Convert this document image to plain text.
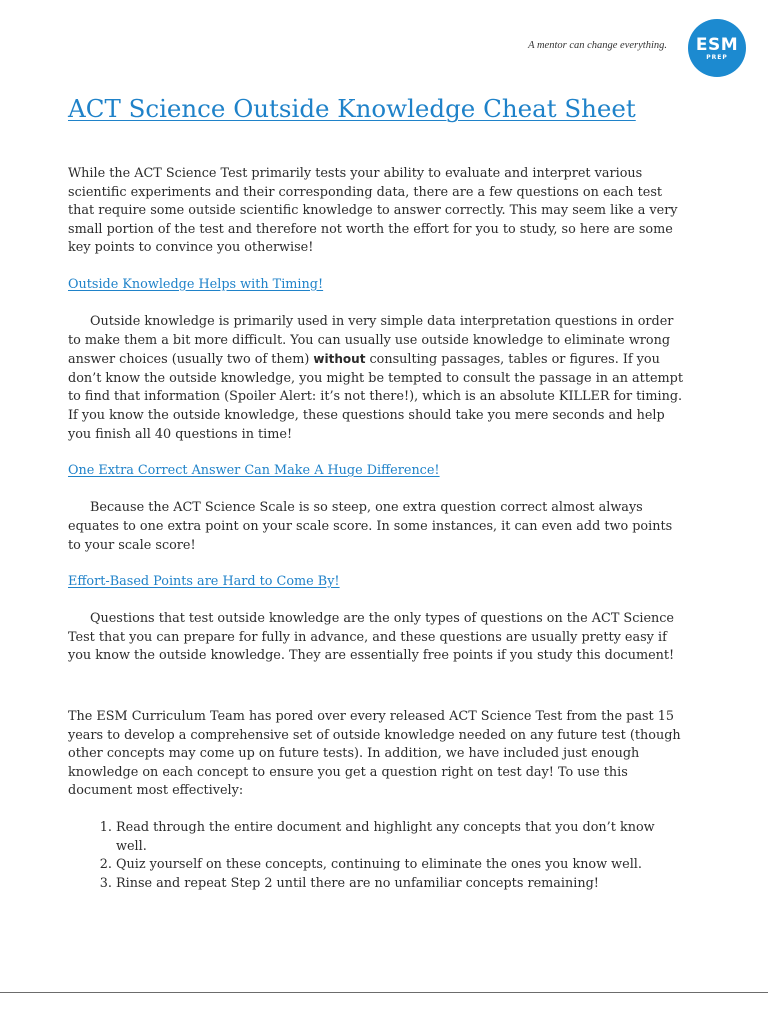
A mentor can change everything. ESM
PREP
ACT Science Outside Knowledge Cheat Sheet

While the ACT Science Test primarily tests your ability to evaluate and interpret various scientific experiments and their corresponding data, there are a few questions on each test that require some outside scientific knowledge to answer correctly. This may seem like a very small portion of the test and therefore not worth the effort for you to study, so here are some key points to convince you otherwise!

Outside Knowledge Helps with Timing!

Outside knowledge is primarily used in very simple data interpretation questions in order to make them a bit more difficult. You can usually use outside knowledge to eliminate wrong answer choices (usually two of them) without consulting passages, tables or figures. If you don’t know the outside knowledge, you might be tempted to consult the passage in an attempt to find that information (Spoiler Alert: it’s not there!), which is an absolute KILLER for timing. If you know the outside knowledge, these questions should take you mere seconds and help you finish all 40 questions in time!

One Extra Correct Answer Can Make A Huge Difference!

Because the ACT Science Scale is so steep, one extra question correct almost always equates to one extra point on your scale score. In some instances, it can even add two points to your scale score!

Effort-Based Points are Hard to Come By!

Questions that test outside knowledge are the only types of questions on the ACT Science Test that you can prepare for fully in advance, and these questions are usually pretty easy if you know the outside knowledge. They are essentially free points if you study this document!

The ESM Curriculum Team has pored over every released ACT Science Test from the past 15 years to develop a comprehensive set of outside knowledge needed on any future test (though other concepts may come up on future tests). In addition, we have included just enough knowledge on each concept to ensure you get a question right on test day! To use this document most effectively:

1. Read through the entire document and highlight any concepts that you don’t know well.
2. Quiz yourself on these concepts, continuing to eliminate the ones you know well.
3. Rinse and repeat Step 2 until there are no unfamiliar concepts remaining!
